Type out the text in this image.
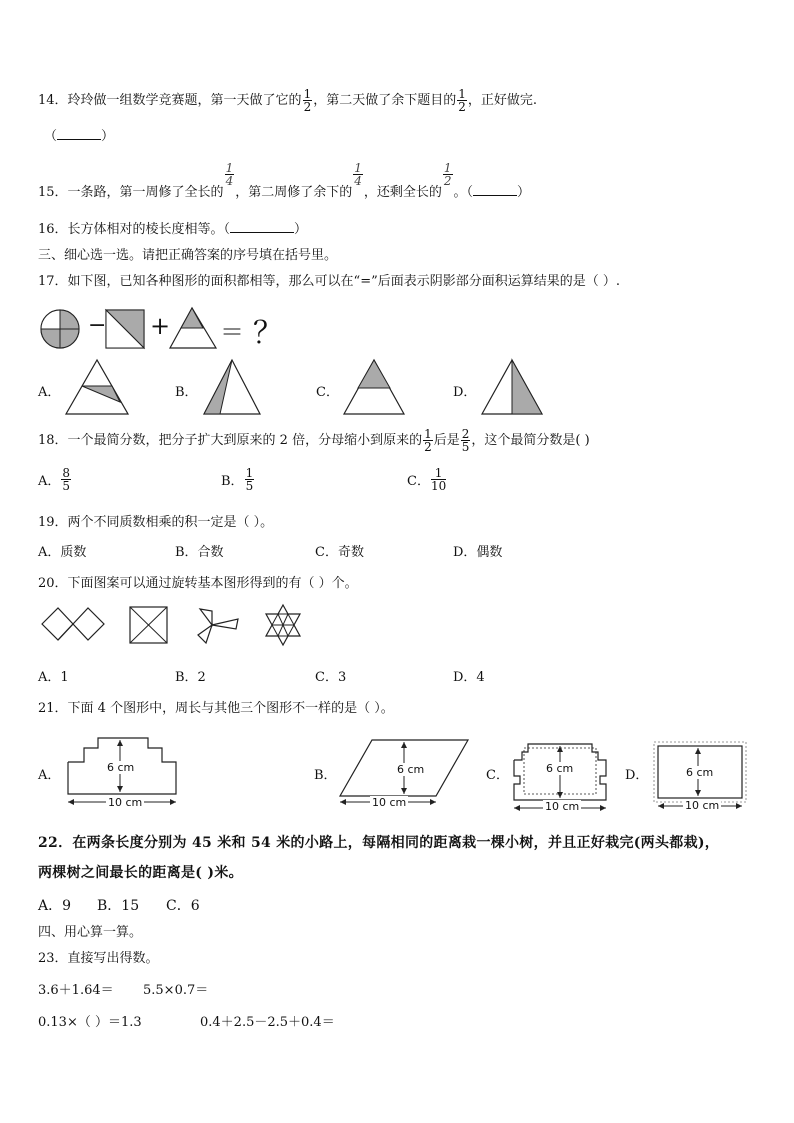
14．玲玲做一组数学竞赛题，第一天做了它的 $\frac{1}{2}$ ，第二天做了余下题目的 $\frac{1}{2}$ ，正好做完.
（	）
15．一条路，第一周修了全长的
$\frac{1}{4}$
，第二周修了余下的
$\frac{1}{4}$
，还剩全长的
$\frac{1}{2}$
。（	）
16．长方体相对的棱长度相等。（	）
三、细心选一选。请把正确答案的序号填在括号里。
17．如下图，已知各种图形的面积都相等，那么可以在“=”后面表示阴影部分面积运算结果的是（ ）.
− + ＝ ？
A．	B．	C．	D．
18．一个最简分数，把分子扩大到原来的 2 倍，分母缩小到原来的 $\frac{1}{2}$ 后是 $\frac{2}{5}$ ，这个最简分数是( )
A． $\frac{8}{5}$	B． $\frac{1}{5}$	C． $\frac{1}{10}$
19．两个不同质数相乘的积一定是（ ）。
A．质数	B．合数	C．奇数	D．偶数
20．下面图案可以通过旋转基本图形得到的有（ ）个。
A．1	B．2	C．3	D．4
21．下面 4 个图形中，周长与其他三个图形不一样的是（ ）。
A．	B．	C．	D．
6 cm
10 cm
6 cm
10 cm
6 cm
10 cm
6 cm
10 cm
22．在两条长度分别为 45 米和 54 米的小路上，每隔相同的距离栽一棵小树，并且正好栽完(两头都栽)，
两棵树之间最长的距离是( )米。
A．9 B．15 C．6
四、用心算一算。
23．直接写出得数。
3.6＋1.64＝ 5.5×0.7＝
0.13×（ ）＝1.3	0.4＋2.5－2.5＋0.4＝
